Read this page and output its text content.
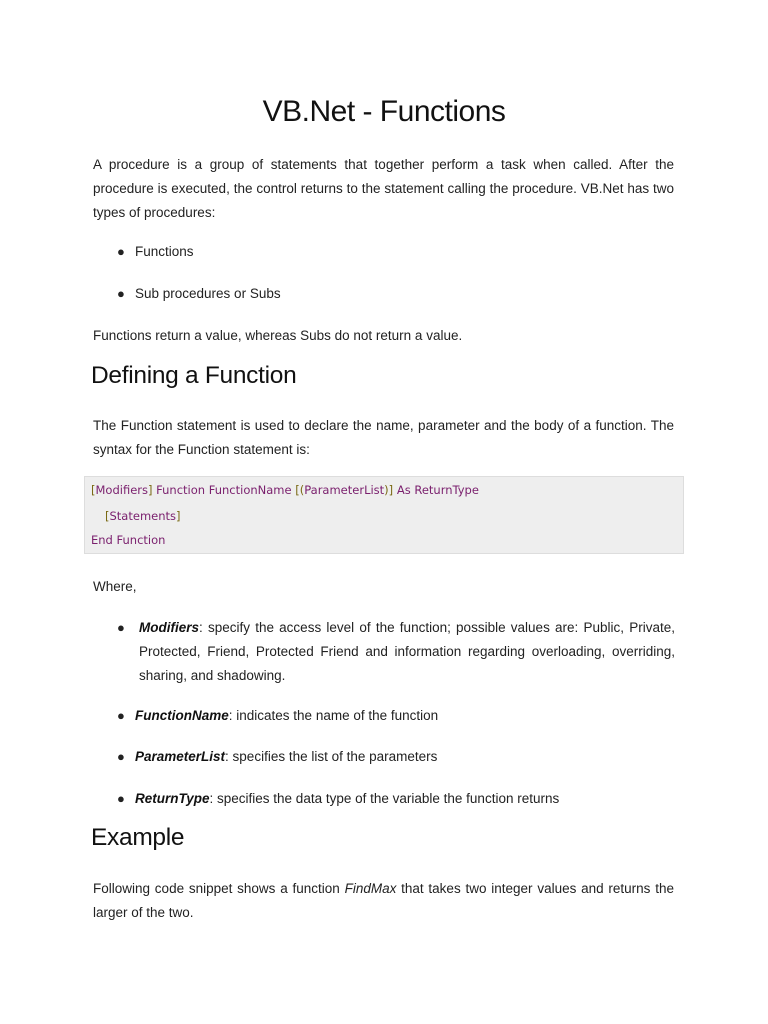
VB.Net - Functions
A procedure is a group of statements that together perform a task when called. After the procedure is executed, the control returns to the statement calling the procedure. VB.Net has two types of procedures:
● Functions
● Sub procedures or Subs
Functions return a value, whereas Subs do not return a value.
Defining a Function
The Function statement is used to declare the name, parameter and the body of a function. The syntax for the Function statement is:
[Modifiers] Function FunctionName [(ParameterList)] As ReturnType
[Statements]
End Function
Where,
● Modifiers: specify the access level of the function; possible values are: Public, Private, Protected, Friend, Protected Friend and information regarding overloading, overriding, sharing, and shadowing.
● FunctionName: indicates the name of the function
● ParameterList: specifies the list of the parameters
● ReturnType: specifies the data type of the variable the function returns
Example
Following code snippet shows a function FindMax that takes two integer values and returns the larger of the two.
